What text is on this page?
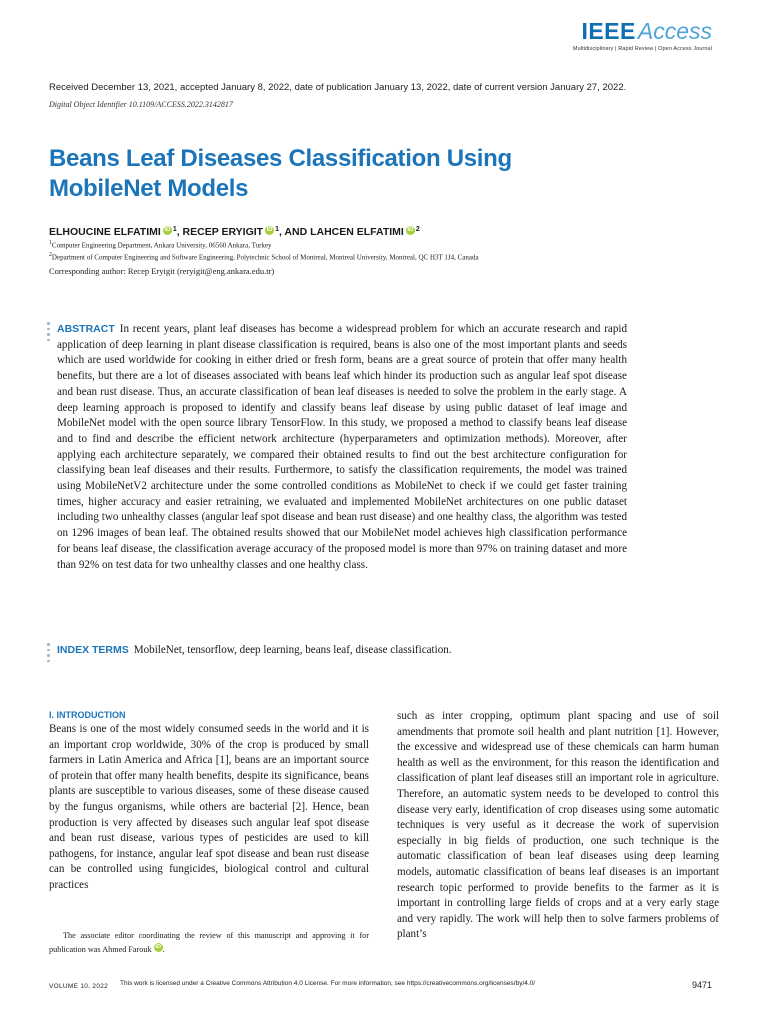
IEEEAccess
Multidisciplinary | Rapid Review | Open Access Journal
Received December 13, 2021, accepted January 8, 2022, date of publication January 13, 2022, date of current version January 27, 2022.
Digital Object Identifier 10.1109/ACCESS.2022.3142817
Beans Leaf Diseases Classification Using
MobileNet Models
ELHOUCINE ELFATIMI iD $^1$, RECEP ERYIGIT iD $^1$, AND LAHCEN ELFATIMI iD $^2$
$^1$Computer Engineering Department, Ankara University, 06560 Ankara, Turkey
$^2$Department of Computer Engineering and Software Engineering, Polytechnic School of Montreal, Montreal University, Montreal, QC H3T 1J4, Canada
Corresponding author: Recep Eryigit (reryigit@eng.ankara.edu.tr)
ABSTRACT In recent years, plant leaf diseases has become a widespread problem for which an accurate research and rapid application of deep learning in plant disease classification is required, beans is also one of the most important plants and seeds which are used worldwide for cooking in either dried or fresh form, beans are a great source of protein that offer many health benefits, but there are a lot of diseases associated with beans leaf which hinder its production such as angular leaf spot disease and bean rust disease. Thus, an accurate classification of bean leaf diseases is needed to solve the problem in the early stage. A deep learning approach is proposed to identify and classify beans leaf disease by using public dataset of leaf image and MobileNet model with the open source library TensorFlow. In this study, we proposed a method to classify beans leaf disease and to find and describe the efficient network architecture (hyperparameters and optimization methods). Moreover, after applying each architecture separately, we compared their obtained results to find out the best architecture configuration for classifying bean leaf diseases and their results. Furthermore, to satisfy the classification requirements, the model was trained using MobileNetV2 architecture under the some controlled conditions as MobileNet to check if we could get faster training times, higher accuracy and easier retraining, we evaluated and implemented MobileNet architectures on one public dataset including two unhealthy classes (angular leaf spot disease and bean rust disease) and one healthy class, the algorithm was tested on 1296 images of bean leaf. The obtained results showed that our MobileNet model achieves high classification performance for beans leaf disease, the classification average accuracy of the proposed model is more than 97% on training dataset and more than 92% on test data for two unhealthy classes and one healthy class.
INDEX TERMS MobileNet, tensorflow, deep learning, beans leaf, disease classification.
I. INTRODUCTION
Beans is one of the most widely consumed seeds in the world and it is an important crop worldwide, 30% of the crop is produced by small farmers in Latin America and Africa [1], beans are an important source of protein that offer many health benefits, despite its significance, beans plants are susceptible to various diseases, some of these disease caused by the fungus organisms, while others are bacterial [2]. Hence, bean production is very affected by diseases such angular leaf spot disease and bean rust disease, various types of pesticides are used to kill pathogens, for instance, angular leaf spot disease and bean rust disease can be controlled using fungicides, biological control and cultural practices
such as inter cropping, optimum plant spacing and use of soil amendments that promote soil health and plant nutrition [1]. However, the excessive and widespread use of these chemicals can harm human health as well as the environment, for this reason the identification and classification of plant leaf diseases still an important role in agriculture. Therefore, an automatic system needs to be developed to control this disease very early, identification of crop diseases using some automatic techniques is very useful as it decrease the work of supervision especially in big fields of production, one such technique is the automatic classification of bean leaf diseases using deep learning models, automatic classification of beans leaf diseases is an important research topic performed to provide benefits to the farmer as it is important in controlling large fields of crops and at a very early stage and very rapidly. The work will help then to solve farmers problems of plant’s
The associate editor coordinating the review of this manuscript and approving it for publication was Ahmed Farouk iD .
This work is licensed under a Creative Commons Attribution 4.0 License. For more information, see https://creativecommons.org/licenses/by/4.0/
VOLUME 10, 2022	9471
